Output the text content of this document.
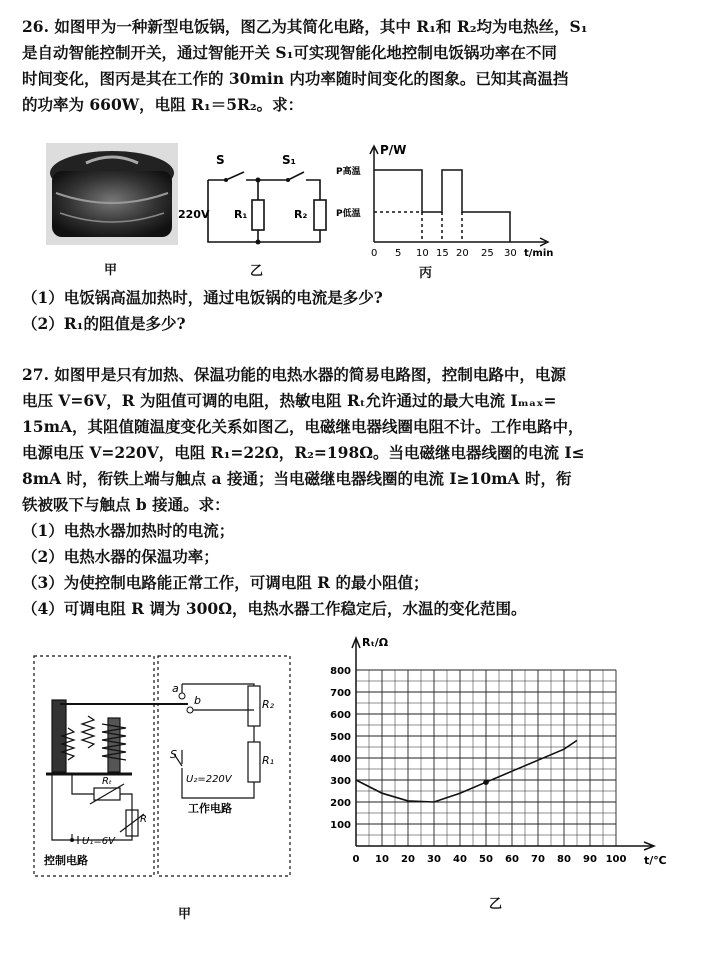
26. 如图甲为一种新型电饭锅，图乙为其简化电路，其中 R₁和 R₂均为电热丝，S₁
是自动智能控制开关，通过智能开关 S₁可实现智能化地控制电饭锅功率在不同
时间变化，图丙是其在工作的 30min 内功率随时间变化的图象。已知其高温挡
的功率为 660W，电阻 R₁＝5R₂。求：
甲
S	S₁
220V R₁	R₂
乙
P/W
P高温
P低温
0 5 10 15 20 25 30 t/min
丙
（1）电饭锅高温加热时，通过电饭锅的电流是多少?
（2）R₁的阻值是多少?
27. 如图甲是只有加热、保温功能的电热水器的简易电路图，控制电路中，电源
电压 V=6V，R 为阻值可调的电阻，热敏电阻 Rₜ允许通过的最大电流 Iₘₐₓ=
15mA，其阻值随温度变化关系如图乙，电磁继电器线圈电阻不计。工作电路中，
电源电压 V=220V，电阻 R₁=22Ω，R₂=198Ω。当电磁继电器线圈的电流 I≤
8mA 时，衔铁上端与触点 a 接通；当电磁继电器线圈的电流 I≥10mA 时，衔
铁被吸下与触点 b 接通。求：
（1）电热水器加热时的电流；
（2）电热水器的保温功率；
（3）为使控制电路能正常工作，可调电阻 R 的最小阻值；
（4）可调电阻 R 调为 300Ω，电热水器工作稳定后，水温的变化范围。
a
b	R₂
R₁
S
U₂=220V
工作电路
U₁=6V
控制电路
Rₜ
R
甲
0 10 20 30 40 50 60 70 80 90 100
100
200
300
400
500
600
700
800
Rₜ/Ω
t/℃
乙
